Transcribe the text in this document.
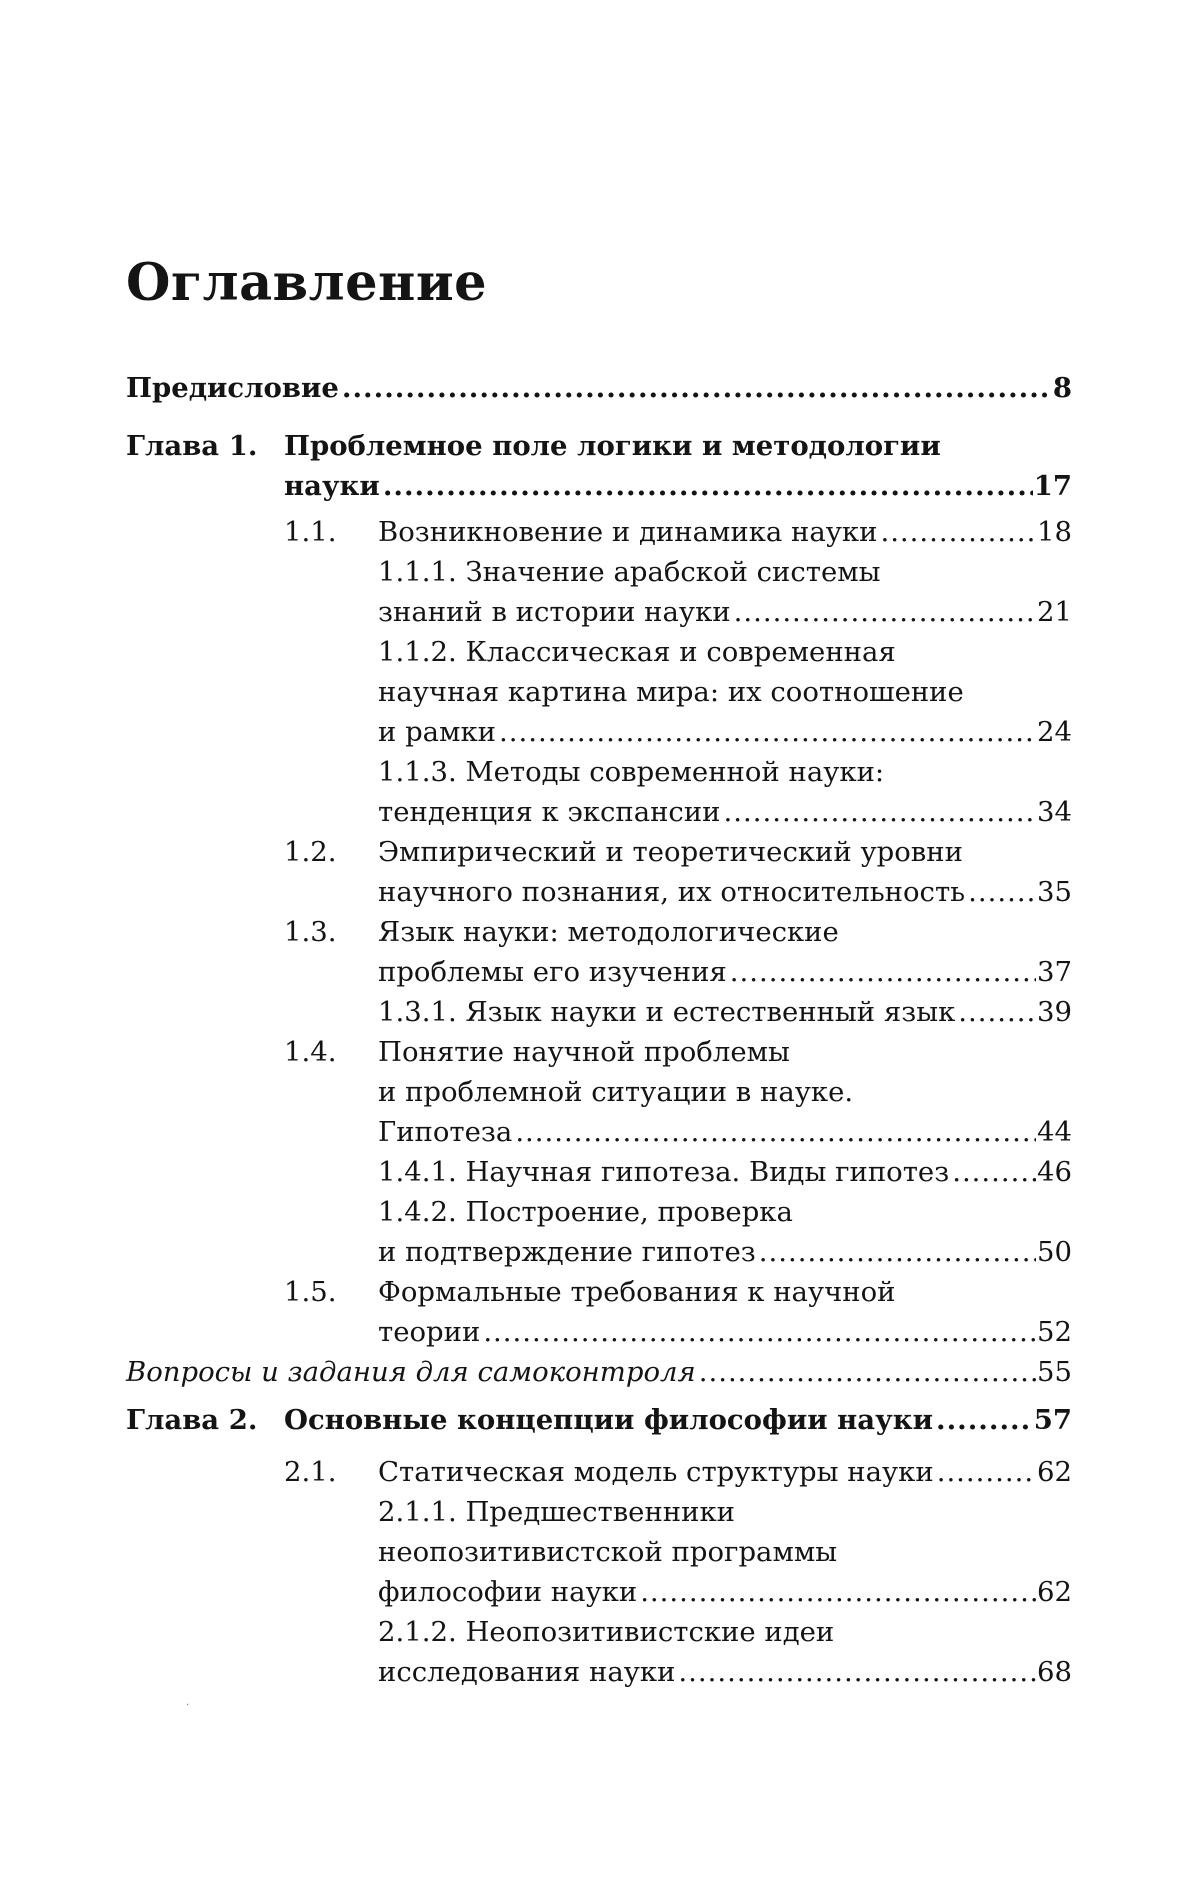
Оглавление
Предисловие .....	8
Глава 1. Проблемное поле логики и методологии
науки .....	17
1.1. Возникновение и динамика науки .....	18
1.1.1. Значение арабской системы
знаний в истории науки .....	21
1.1.2. Классическая и современная
научная картина мира: их соотношение
и рамки .....	24
1.1.3. Методы современной науки:
тенденция к экспансии .....	34
1.2. Эмпирический и теоретический уровни
научного познания, их относительность .....	35
1.3. Язык науки: методологические
проблемы его изучения .....	37
1.3.1. Язык науки и естественный язык .....	39
1.4. Понятие научной проблемы
и проблемной ситуации в науке.
Гипотеза .....	44
1.4.1. Научная гипотеза. Виды гипотез .....	46
1.4.2. Построение, проверка
и подтверждение гипотез .....	50
1.5. Формальные требования к научной
теории .....	52
Вопросы и задания для самоконтроля .....	55
Глава 2. Основные концепции философии науки .....	57
2.1. Статическая модель структуры науки .....	62
2.1.1. Предшественники
неопозитивистской программы
философии науки .....	62
2.1.2. Неопозитивистские идеи
исследования науки .....	68
·
